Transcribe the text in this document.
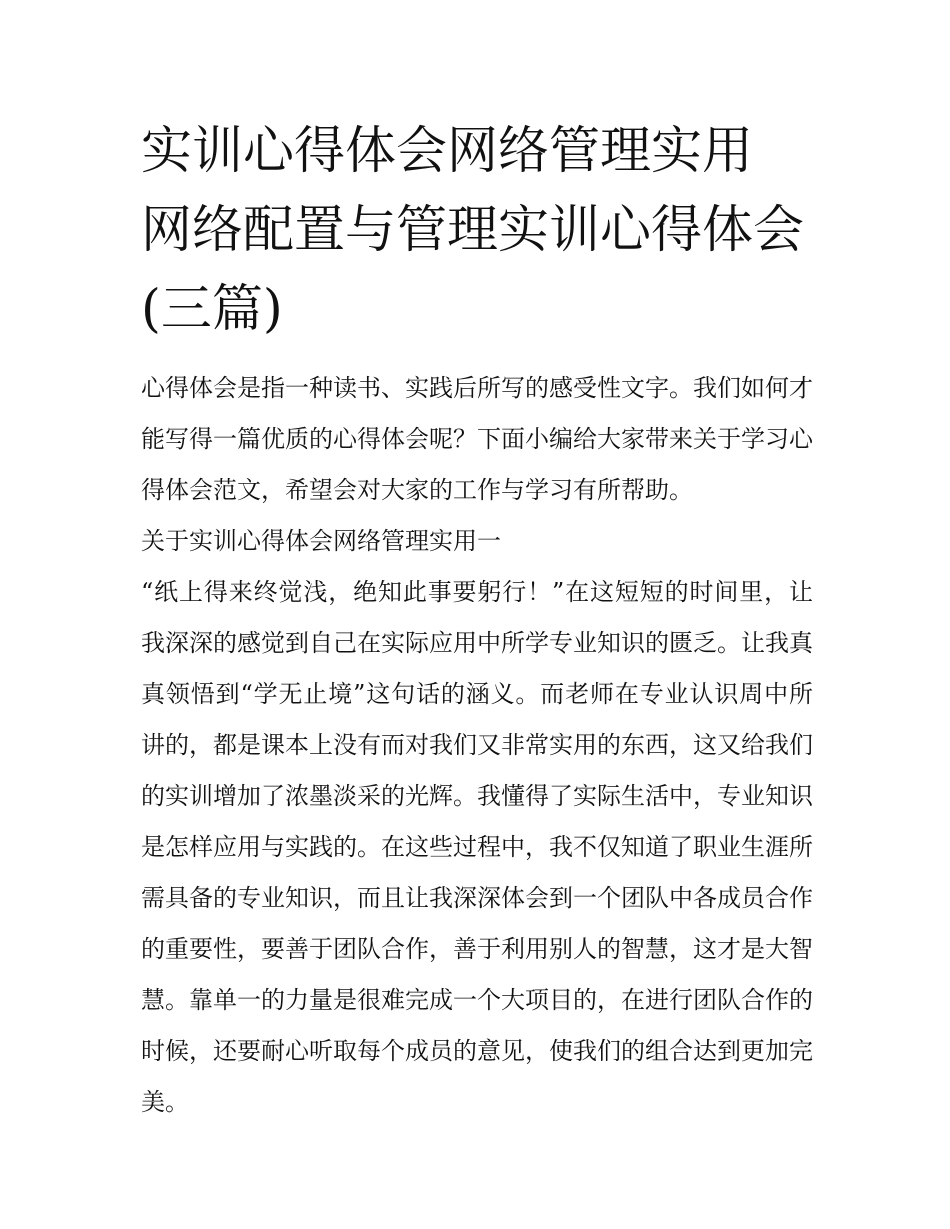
实训心得体会网络管理实用 网络配置与管理实训心得体会(三篇)

心得体会是指一种读书、实践后所写的感受性文字。我们如何才能写得一篇优质的心得体会呢？下面小编给大家带来关于学习心得体会范文，希望会对大家的工作与学习有所帮助。

关于实训心得体会网络管理实用一

“纸上得来终觉浅，绝知此事要躬行！”在这短短的时间里，让我深深的感觉到自己在实际应用中所学专业知识的匮乏。让我真真领悟到“学无止境”这句话的涵义。而老师在专业认识周中所讲的，都是课本上没有而对我们又非常实用的东西，这又给我们的实训增加了浓墨淡采的光辉。我懂得了实际生活中，专业知识是怎样应用与实践的。在这些过程中，我不仅知道了职业生涯所需具备的专业知识，而且让我深深体会到一个团队中各成员合作的重要性，要善于团队合作，善于利用别人的智慧，这才是大智慧。靠单一的力量是很难完成一个大项目的，在进行团队合作的时候，还要耐心听取每个成员的意见，使我们的组合达到更加完美。
